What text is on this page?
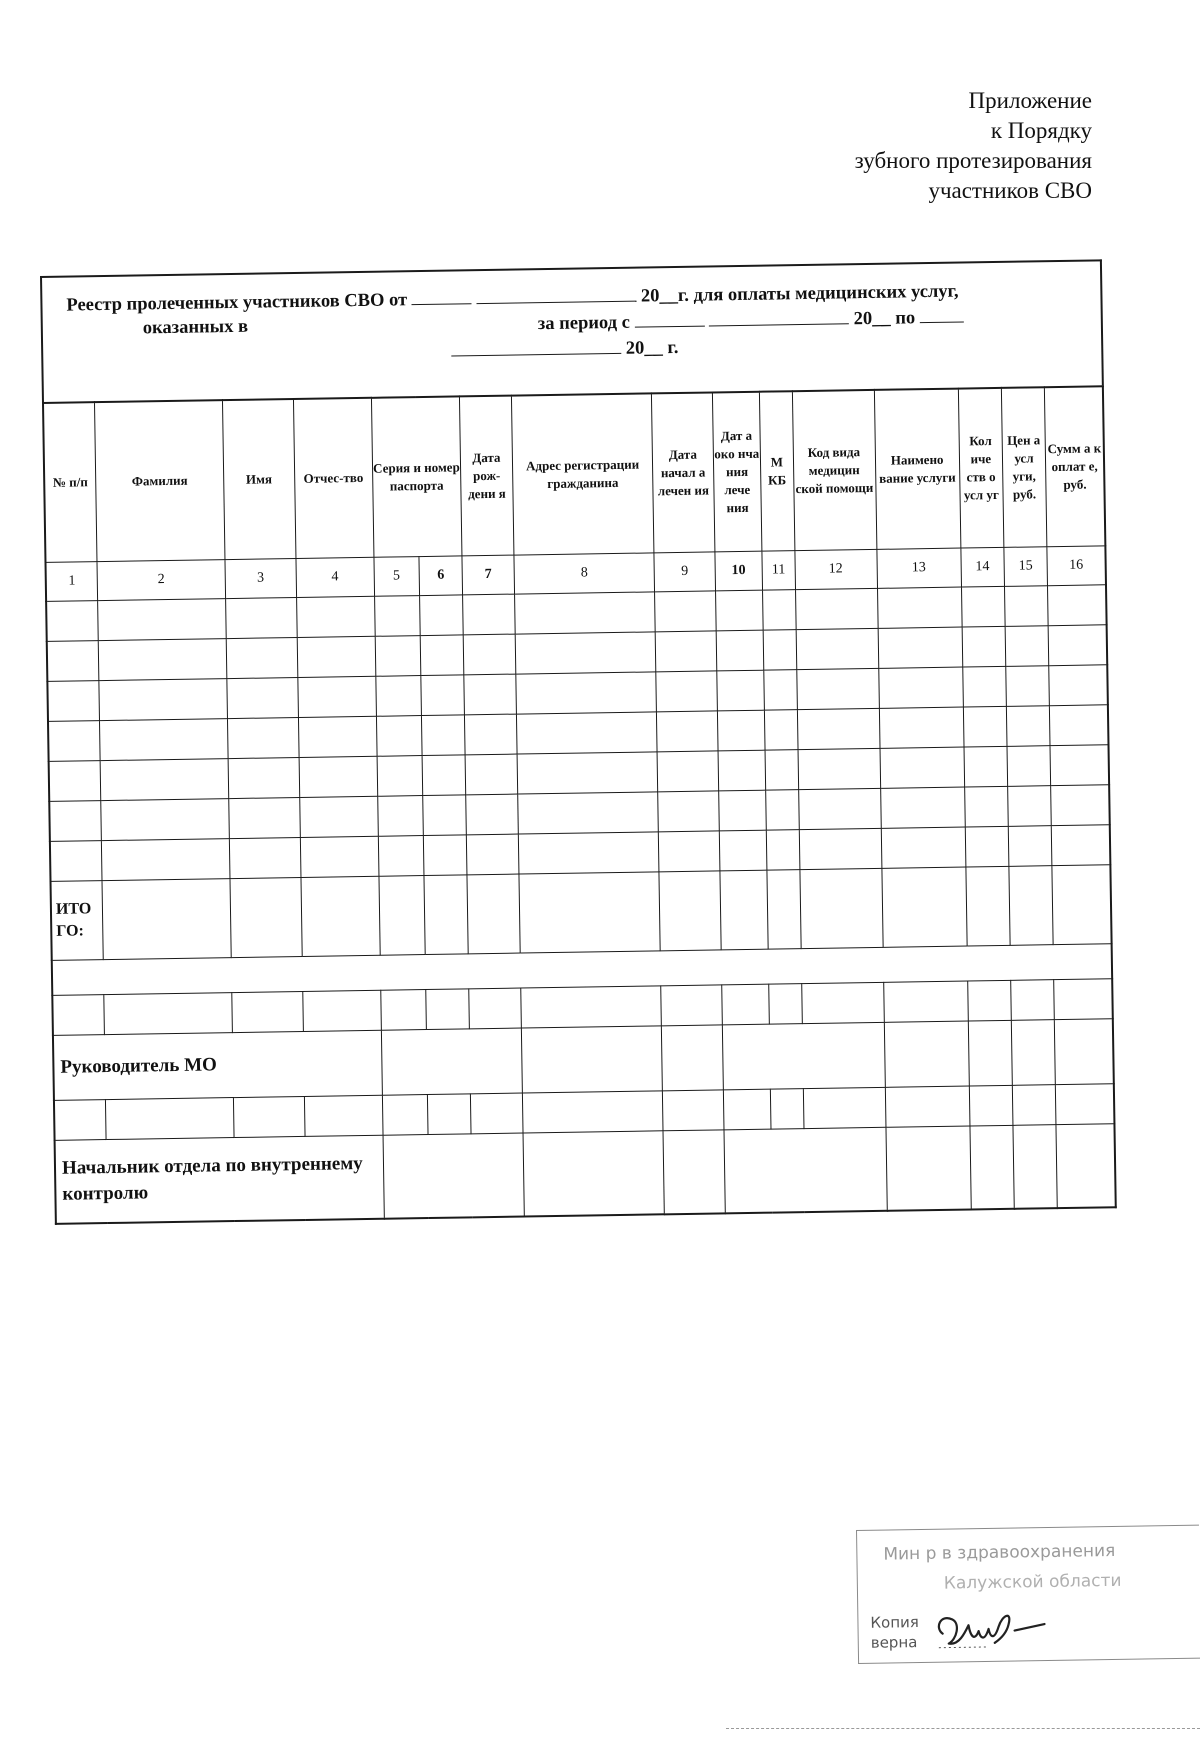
Приложение
к Порядку
зубного протезирования
участников СВО
Реестр пролеченных участников СВО от	20__г. для оплаты медицинских услуг,
оказанных в	за период с	20__ по
20__ г.
№ п/п	Фамилия	Имя	Отчес-тво	Серия и номер паспорта		Дата рож-дени я	Адрес регистрации гражданина	Дата начал а лечен ия	Дат а око нча ния лече ния	М КБ	Код вида медицин ской помощи	Наимено вание услуги	Кол иче ств о усл уг	Цен а усл уги, руб.	Сумм а к оплат е, руб.
1	2	3	4	5	6	7	8	9	10	11	12	13	14	15	16

ИТО ГО:															

Руководитель МО															

Начальник отдела по внутреннему контролю															
Мин р в здравоохранения
Калужской области
Копия
верна
